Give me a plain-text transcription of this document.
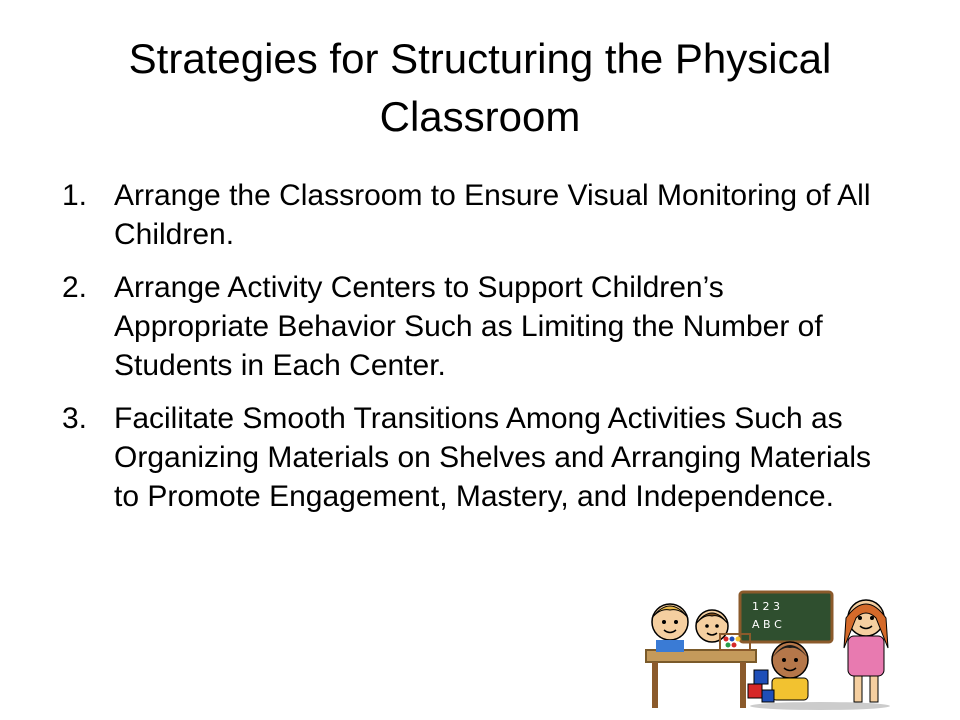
Strategies for Structuring the Physical Classroom
1. Arrange the Classroom to Ensure Visual Monitoring of All Children.
2. Arrange Activity Centers to Support Children’s Appropriate Behavior Such as Limiting the Number of Students in Each Center.
3. Facilitate Smooth Transitions Among Activities Such as Organizing Materials on Shelves and Arranging Materials to Promote Engagement, Mastery, and Independence.
1 2 3
A B C
